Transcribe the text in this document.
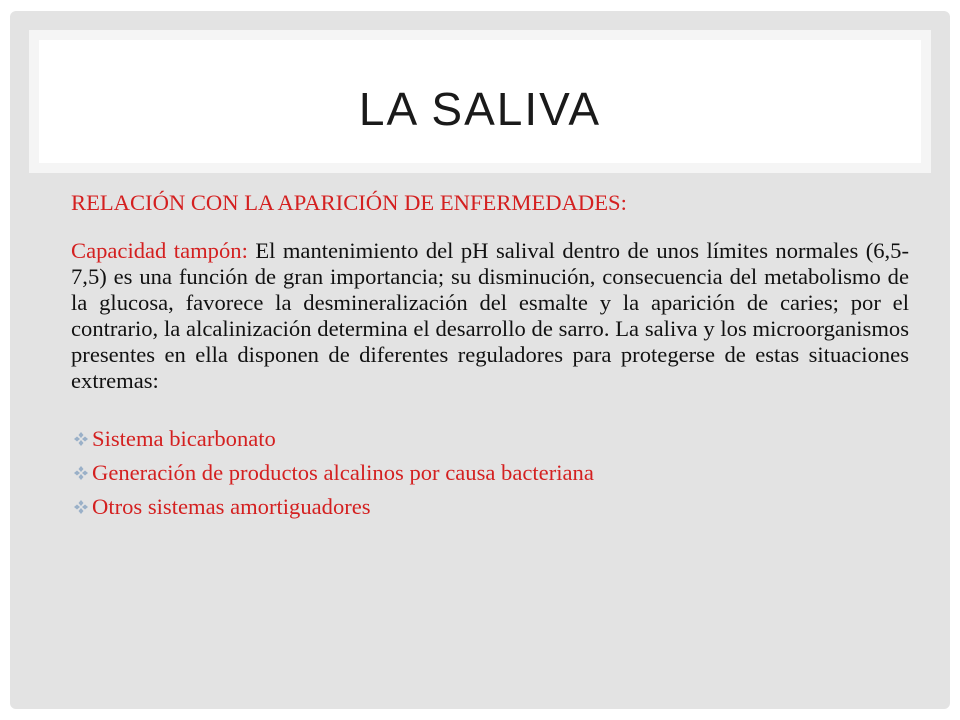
LA SALIVA

RELACIÓN CON LA APARICIÓN DE ENFERMEDADES:

Capacidad tampón: El mantenimiento del pH salival dentro de unos límites normales (6,5-7,5) es una función de gran importancia; su disminución, consecuencia del metabolismo de la glucosa, favorece la desmineralización del esmalte y la aparición de caries; por el contrario, la alcalinización determina el desarrollo de sarro. La saliva y los microorganismos presentes en ella disponen de diferentes reguladores para protegerse de estas situaciones extremas:

Sistema bicarbonato
Generación de productos alcalinos por causa bacteriana
Otros sistemas amortiguadores
